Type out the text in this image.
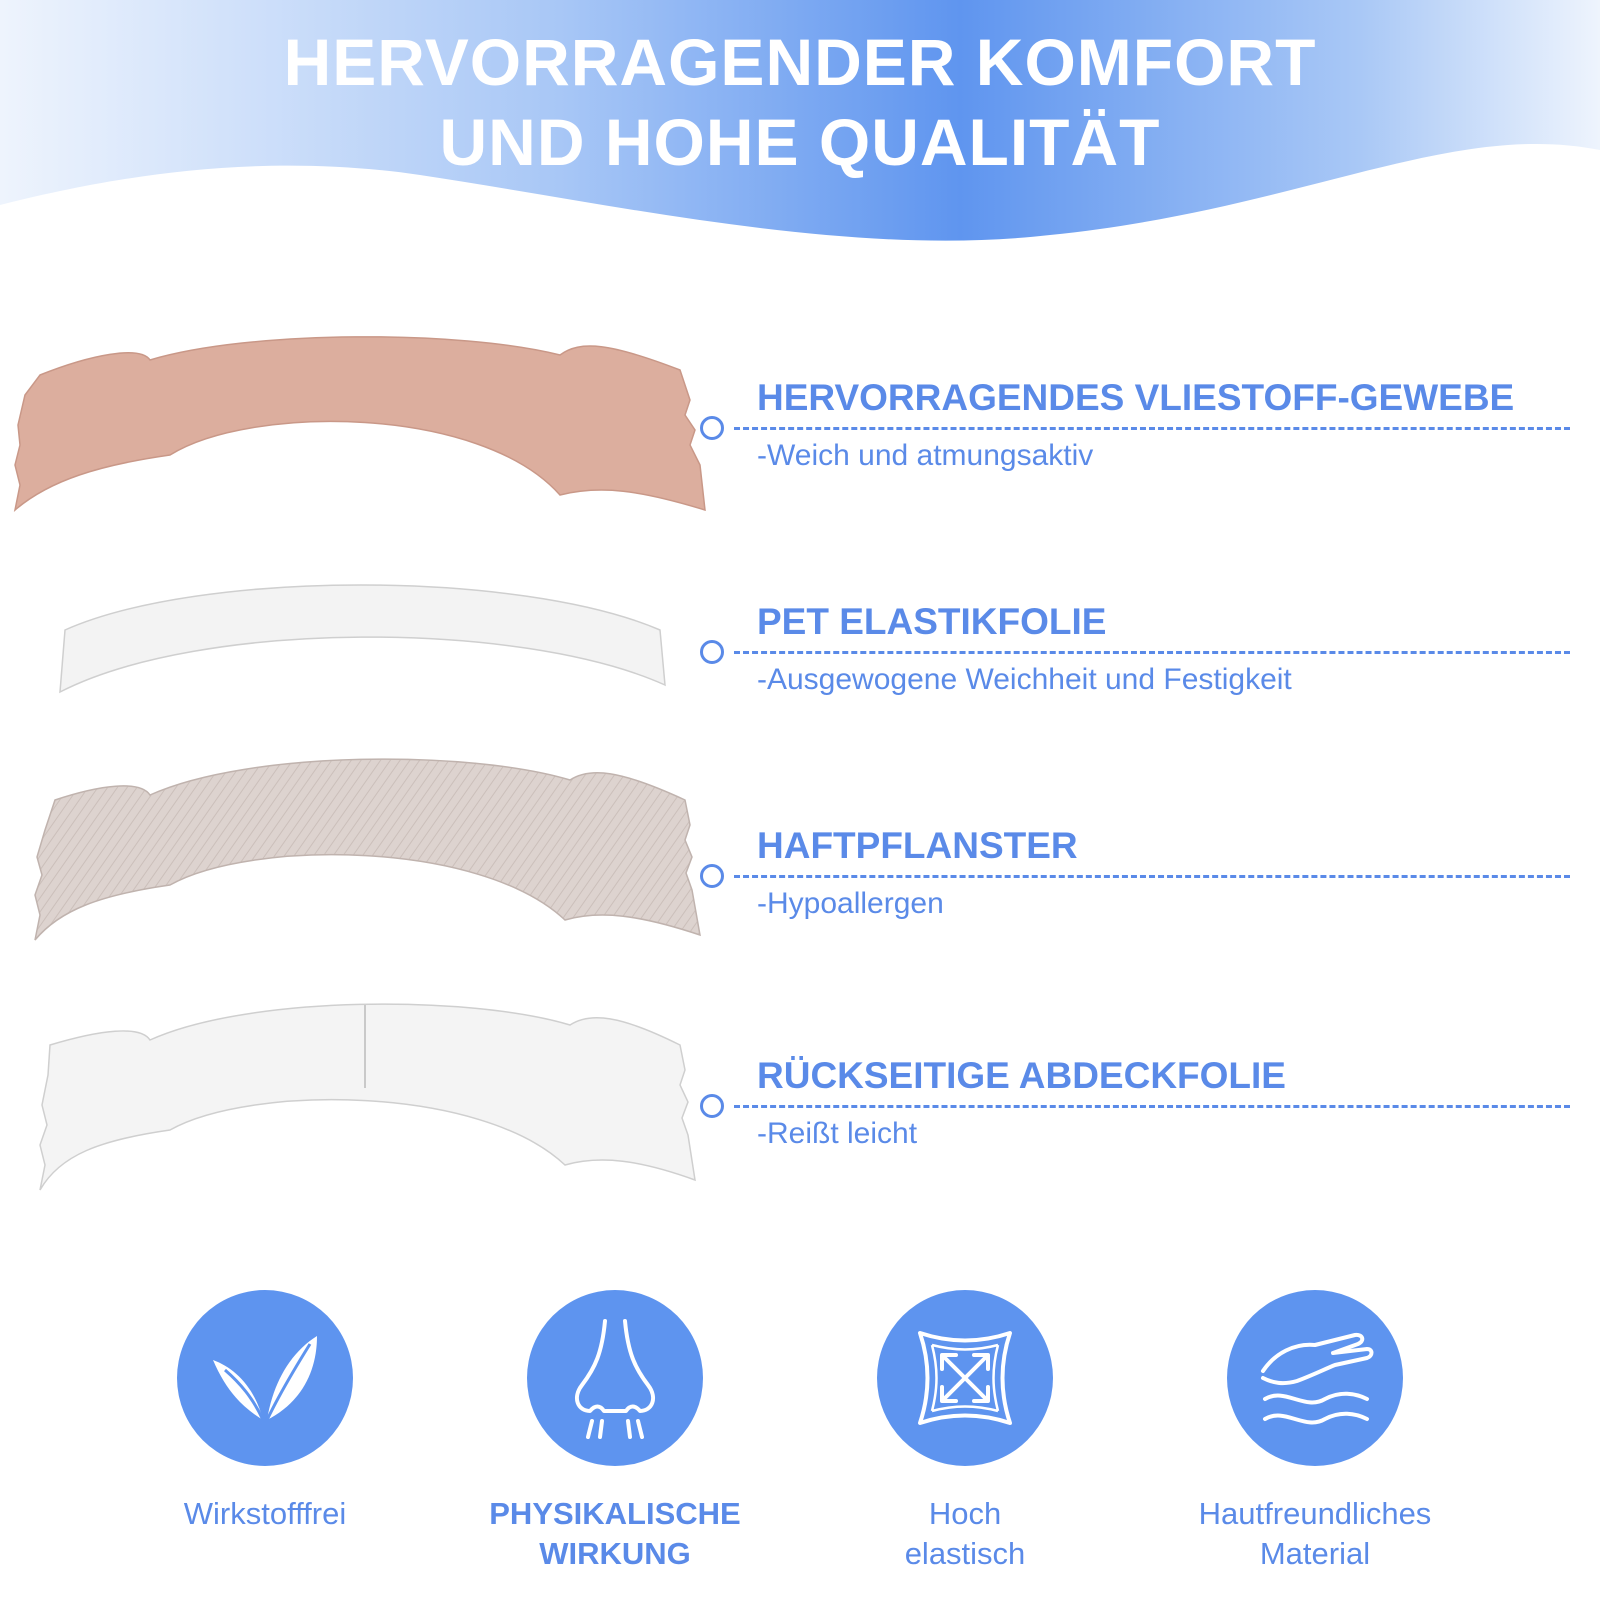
HERVORRAGENDER KOMFORT
UND HOHE QUALITÄT
HERVORRAGENDES VLIESTOFF-GEWEBE
-Weich und atmungsaktiv
PET ELASTIKFOLIE
-Ausgewogene Weichheit und Festigkeit
HAFTPFLANSTER
-Hypoallergen
RÜCKSEITIGE ABDECKFOLIE
-Reißt leicht
Wirkstofffrei	PHYSIKALISCHE
WIRKUNG
Hoch
elastisch
Hautfreundliches
Material
